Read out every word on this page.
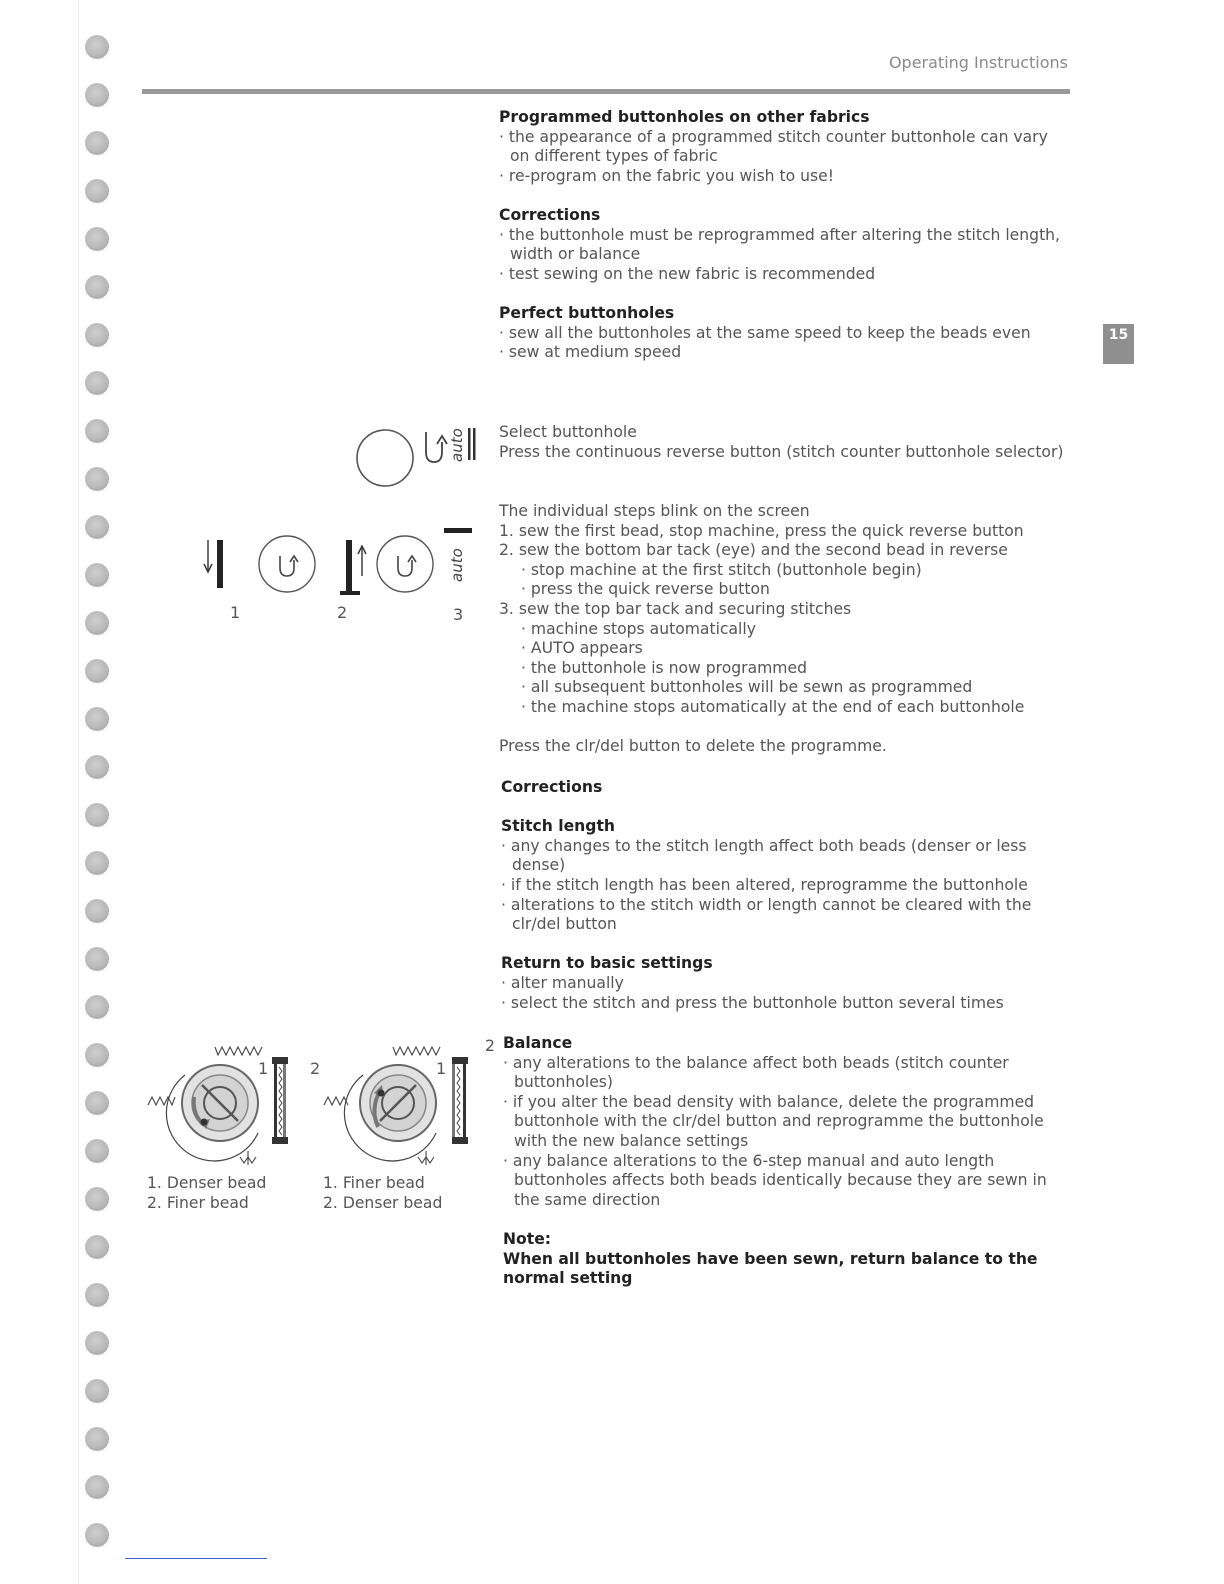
Operating Instructions
15

Programmed buttonholes on other fabrics

· the appearance of a programmed stitch counter buttonhole can vary on different types of fabric

· re-program on the fabric you wish to use!

Corrections

· the buttonhole must be reprogrammed after altering the stitch length, width or balance

· test sewing on the new fabric is recommended

Perfect buttonholes

· sew all the buttonholes at the same speed to keep the beads even

· sew at medium speed

Select buttonhole

Press the continuous reverse button (stitch counter buttonhole selector)

The individual steps blink on the screen

1. sew the first bead, stop machine, press the quick reverse button

2. sew the bottom bar tack (eye) and the second bead in reverse

· stop machine at the first stitch (buttonhole begin)

· press the quick reverse button

3. sew the top bar tack and securing stitches

· machine stops automatically

· AUTO appears

· the buttonhole is now programmed

· all subsequent buttonholes will be sewn as programmed

· the machine stops automatically at the end of each buttonhole

Press the clr/del button to delete the programme.

Corrections

Stitch length

· any changes to the stitch length affect both beads (denser or less dense)

· if the stitch length has been altered, reprogramme the buttonhole

· alterations to the stitch width or length cannot be cleared with the clr/del button

Return to basic settings

· alter manually

· select the stitch and press the buttonhole button several times

2 Balance

· any alterations to the balance affect both beads (stitch counter buttonholes)

· if you alter the bead density with balance, delete the programmed buttonhole with the clr/del button and reprogramme the buttonhole with the new balance settings

· any balance alterations to the 6-step manual and auto length buttonholes affects both beads identically because they are sewn in the same direction

Note:

When all buttonholes have been sewn, return balance to the normal setting

auto
auto
1	2	3
1	2
1. Denser bead
2. Finer bead
1
1. Finer bead
2. Denser bead
